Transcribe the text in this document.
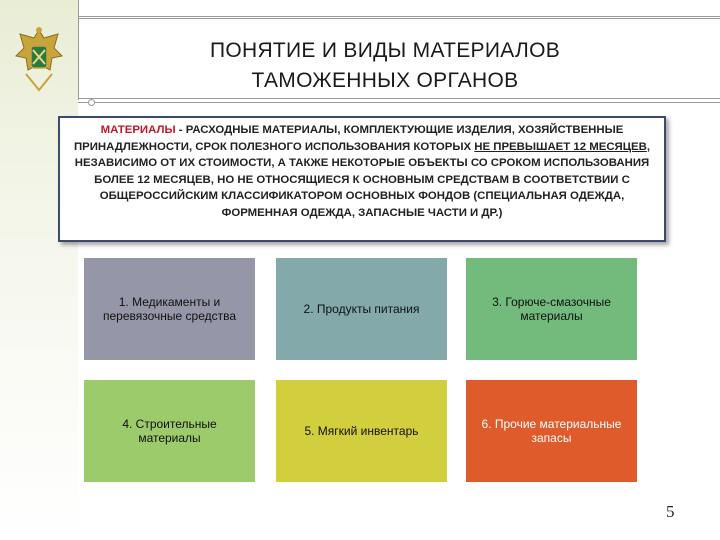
ПОНЯТИЕ И ВИДЫ МАТЕРИАЛОВ
ТАМОЖЕННЫХ ОРГАНОВ
МАТЕРИАЛЫ - РАСХОДНЫЕ МАТЕРИАЛЫ, КОМПЛЕКТУЮЩИЕ ИЗДЕЛИЯ, ХОЗЯЙСТВЕННЫЕ ПРИНАДЛЕЖНОСТИ, СРОК ПОЛЕЗНОГО ИСПОЛЬЗОВАНИЯ КОТОРЫХ НЕ ПРЕВЫШАЕТ 12 МЕСЯЦЕВ, НЕЗАВИСИМО ОТ ИХ СТОИМОСТИ, А ТАКЖЕ НЕКОТОРЫЕ ОБЪЕКТЫ СО СРОКОМ ИСПОЛЬЗОВАНИЯ БОЛЕЕ 12 МЕСЯЦЕВ, НО НЕ ОТНОСЯЩИЕСЯ К ОСНОВНЫМ СРЕДСТВАМ В СООТВЕТСТВИИ С ОБЩЕРОССИЙСКИМ КЛАССИФИКАТОРОМ ОСНОВНЫХ ФОНДОВ (СПЕЦИАЛЬНАЯ ОДЕЖДА, ФОРМЕННАЯ ОДЕЖДА, ЗАПАСНЫЕ ЧАСТИ И ДР.)
1. Медикаменты и перевязочные средства	2. Продукты питания	3. Горюче-смазочные материалы
4. Строительные материалы	5. Мягкий инвентарь	6. Прочие материальные запасы
5
